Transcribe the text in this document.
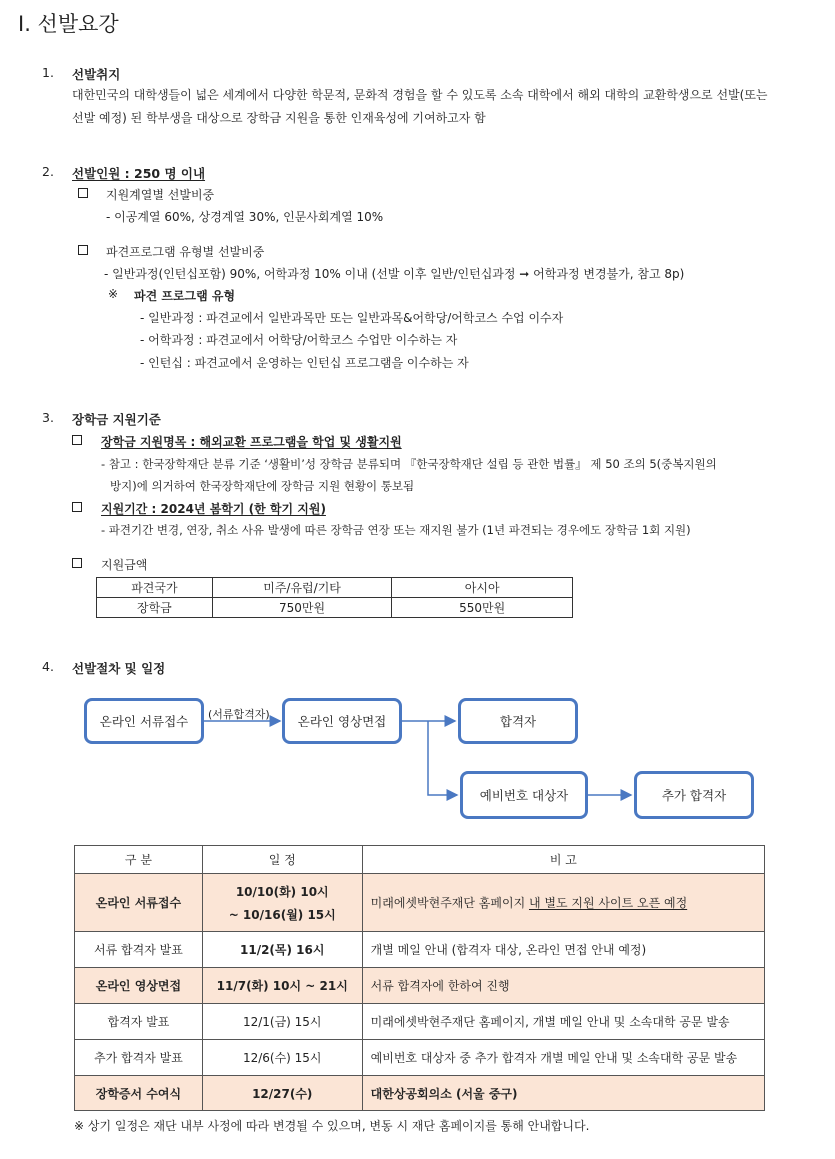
Ⅰ. 선발요강
1. 선발취지
대한민국의 대학생들이 넓은 세계에서 다양한 학문적, 문화적 경험을 할 수 있도록 소속 대학에서 해외 대학의 교환학생으로 선발(또는
선발 예정) 된 학부생을 대상으로 장학금 지원을 통한 인재육성에 기여하고자 함
2. 선발인원 : 250 명 이내
지원계열별 선발비중
- 이공계열 60%, 상경계열 30%, 인문사회계열 10%
파견프로그램 유형별 선발비중
- 일반과정(인턴십포함) 90%, 어학과정 10% 이내 (선발 이후 일반/인턴십과정 ➞ 어학과정 변경불가, 참고 8p)
※ 파견 프로그램 유형
- 일반과정 : 파견교에서 일반과목만 또는 일반과목&어학당/어학코스 수업 이수자
- 어학과정 : 파견교에서 어학당/어학코스 수업만 이수하는 자
- 인턴십 : 파견교에서 운영하는 인턴십 프로그램을 이수하는 자
3. 장학금 지원기준
장학금 지원명목 : 해외교환 프로그램을 학업 및 생활지원
- 참고 : 한국장학재단 분류 기준 ‘생활비’성 장학금 분류되며 『한국장학재단 설립 등 관한 법률』 제 50 조의 5(중복지원의
방지)에 의거하여 한국장학재단에 장학금 지원 현황이 통보됨
지원기간 : 2024년 봄학기 (한 학기 지원)
- 파견기간 변경, 연장, 취소 사유 발생에 따른 장학금 연장 또는 재지원 불가 (1년 파견되는 경우에도 장학금 1회 지원)
지원금액
파견국가	미주/유럽/기타	아시아
장학금	750만원	550만원
4. 선발절차 및 일정
온라인 서류접수	(서류합격자)	온라인 영상면접	합격자
예비번호 대상자	추가 합격자
구 분	일 정	비 고
온라인 서류접수	10/10(화) 10시
~ 10/16(월) 15시	미래에셋박현주재단 홈페이지 내 별도 지원 사이트 오픈 예정
서류 합격자 발표	11/2(목) 16시	개별 메일 안내 (합격자 대상, 온라인 면접 안내 예정)
온라인 영상면접	11/7(화) 10시 ~ 21시	서류 합격자에 한하여 진행
합격자 발표	12/1(금) 15시	미래에셋박현주재단 홈페이지, 개별 메일 안내 및 소속대학 공문 발송
추가 합격자 발표	12/6(수) 15시	예비번호 대상자 중 추가 합격자 개별 메일 안내 및 소속대학 공문 발송
장학증서 수여식	12/27(수)	대한상공회의소 (서울 중구)
※ 상기 일정은 재단 내부 사정에 따라 변경될 수 있으며, 변동 시 재단 홈페이지를 통해 안내합니다.
